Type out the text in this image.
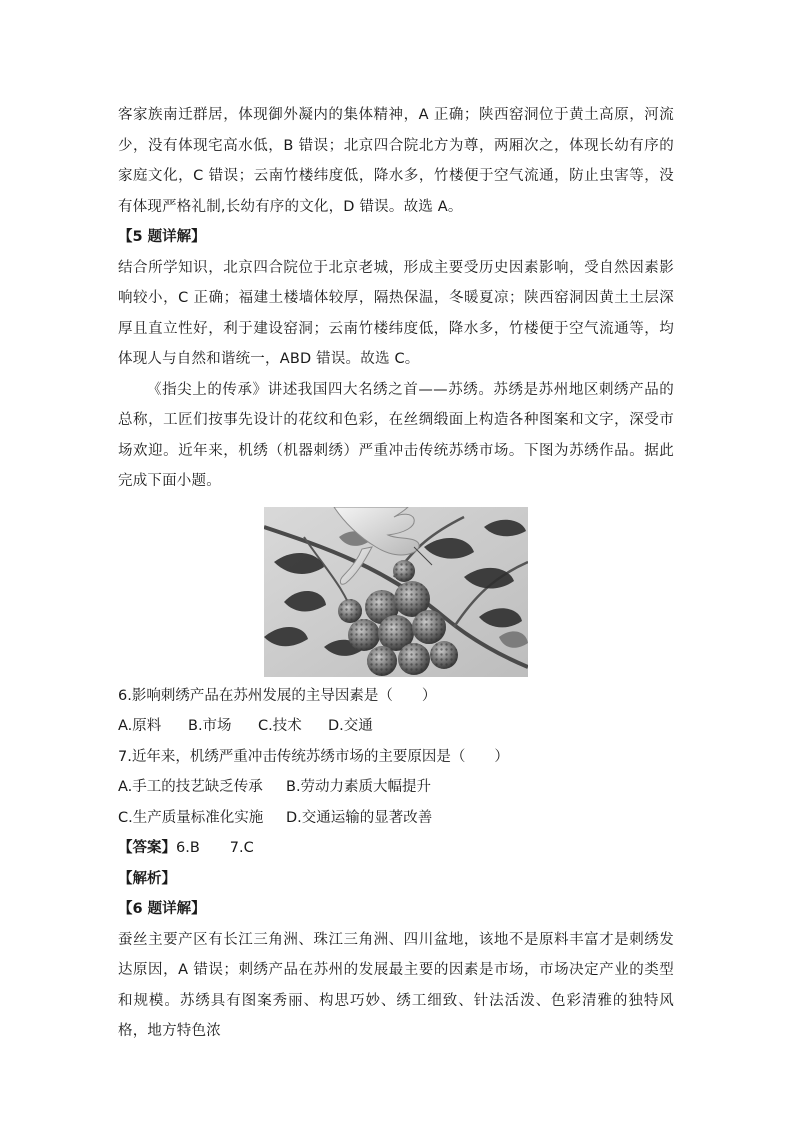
客家族南迁群居，体现御外凝内的集体精神，A 正确；陕西窑洞位于黄土高原，河流少，没有体现宅高水低，B 错误；北京四合院北方为尊，两厢次之，体现长幼有序的家庭文化，C 错误；云南竹楼纬度低，降水多，竹楼便于空气流通，防止虫害等，没有体现严格礼制,长幼有序的文化，D 错误。故选 A。

【5 题详解】

结合所学知识，北京四合院位于北京老城，形成主要受历史因素影响，受自然因素影响较小，C 正确；福建土楼墙体较厚，隔热保温，冬暖夏凉；陕西窑洞因黄土土层深厚且直立性好，利于建设窑洞；云南竹楼纬度低，降水多，竹楼便于空气流通等，均体现人与自然和谐统一，ABD 错误。故选 C。

《指尖上的传承》讲述我国四大名绣之首——苏绣。苏绣是苏州地区刺绣产品的总称，工匠们按事先设计的花纹和色彩，在丝绸缎面上构造各种图案和文字，深受市场欢迎。近年来，机绣（机器刺绣）严重冲击传统苏绣市场。下图为苏绣作品。据此完成下面小题。

6.影响刺绣产品在苏州发展的主导因素是（　　）

A.原料	B.市场	C.技术	D.交通

7.近年来，机绣严重冲击传统苏绣市场的主要原因是（　　）

A.手工的技艺缺乏传承	B.劳动力素质大幅提升
C.生产质量标准化实施	D.交通运输的显著改善

【答案】6.B 7.C

【解析】

【6 题详解】

蚕丝主要产区有长江三角洲、珠江三角洲、四川盆地，该地不是原料丰富才是刺绣发达原因，A 错误；刺绣产品在苏州的发展最主要的因素是市场，市场决定产业的类型和规模。苏绣具有图案秀丽、构思巧妙、绣工细致、针法活泼、色彩清雅的独特风格，地方特色浓
